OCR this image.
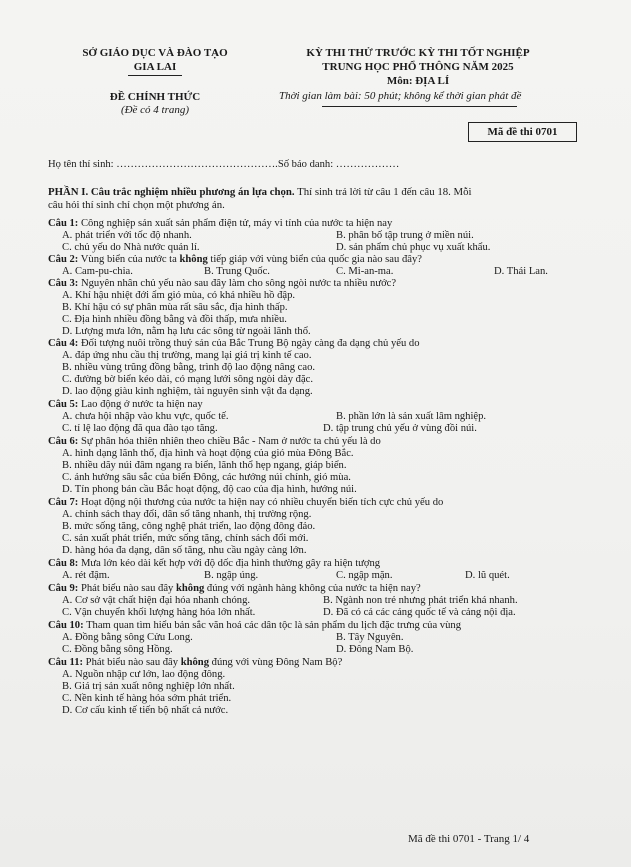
SỞ GIÁO DỤC VÀ ĐÀO TẠO
GIA LAI
ĐỀ CHÍNH THỨC
(Đề có 4 trang)
KỲ THI THỬ TRƯỚC KỲ THI TỐT NGHIỆP
TRUNG HỌC PHỔ THÔNG NĂM 2025
Môn: ĐỊA LÍ
Thời gian làm bài: 50 phút; không kể thời gian phát đề
Mã đề thi 0701
Họ tên thí sinh: ……………………………………….Số báo danh: ………………
PHẦN I. Câu trắc nghiệm nhiều phương án lựa chọn. Thí sinh trả lời từ câu 1 đến câu 18. Mỗi
câu hỏi thí sinh chỉ chọn một phương án.
Câu 1: Công nghiệp sản xuất sản phẩm điện tử, máy vi tính của nước ta hiện nay
A. phát triển với tốc độ nhanh.	B. phân bố tập trung ở miền núi.
C. chủ yếu do Nhà nước quản lí.	D. sản phẩm chủ phục vụ xuất khẩu.
Câu 2: Vùng biển của nước ta không tiếp giáp với vùng biển của quốc gia nào sau đây?
A. Cam-pu-chia.	B. Trung Quốc.	C. Mi-an-ma.	D. Thái Lan.
Câu 3: Nguyên nhân chủ yếu nào sau đây làm cho sông ngòi nước ta nhiều nước?
A. Khí hậu nhiệt đới ẩm gió mùa, có khá nhiều hồ đập.
B. Khí hậu có sự phân mùa rất sâu sắc, địa hình thấp.
C. Địa hình nhiều đồng bằng và đồi thấp, mưa nhiều.
D. Lượng mưa lớn, nằm hạ lưu các sông từ ngoài lãnh thổ.
Câu 4: Đối tượng nuôi trồng thuỷ sản của Bắc Trung Bộ ngày càng đa dạng chủ yếu do
A. đáp ứng nhu cầu thị trường, mang lại giá trị kinh tế cao.
B. nhiều vùng trũng đồng bằng, trình độ lao động nâng cao.
C. đường bờ biển kéo dài, có mạng lưới sông ngòi dày đặc.
D. lao động giàu kinh nghiệm, tài nguyên sinh vật đa dạng.
Câu 5: Lao động ở nước ta hiện nay
A. chưa hội nhập vào khu vực, quốc tế.	B. phần lớn là sản xuất lâm nghiệp.
C. tỉ lệ lao động đã qua đào tạo tăng.	D. tập trung chủ yếu ở vùng đồi núi.
Câu 6: Sự phân hóa thiên nhiên theo chiều Bắc - Nam ở nước ta chủ yếu là do
A. hình dạng lãnh thổ, địa hình và hoạt động của gió mùa Đông Bắc.
B. nhiều dãy núi đâm ngang ra biển, lãnh thổ hẹp ngang, giáp biển.
C. ảnh hưởng sâu sắc của biển Đông, các hướng núi chính, gió mùa.
D. Tín phong bán cầu Bắc hoạt động, độ cao của địa hình, hướng núi.
Câu 7: Hoạt động nội thương của nước ta hiện nay có nhiều chuyển biến tích cực chủ yếu do
A. chính sách thay đổi, dân số tăng nhanh, thị trường rộng.
B. mức sống tăng, công nghệ phát triển, lao động đông đảo.
C. sản xuất phát triển, mức sống tăng, chính sách đổi mới.
D. hàng hóa đa dạng, dân số tăng, nhu cầu ngày càng lớn.
Câu 8: Mưa lớn kéo dài kết hợp với độ dốc địa hình thường gây ra hiện tượng
A. rét đậm.	B. ngập úng.	C. ngập mặn.	D. lũ quét.
Câu 9: Phát biểu nào sau đây không đúng với ngành hàng không của nước ta hiện nay?
A. Cơ sở vật chất hiện đại hóa nhanh chóng.	B. Ngành non trẻ nhưng phát triển khá nhanh.
C. Vận chuyển khối lượng hàng hóa lớn nhất.	D. Đã có cả các cảng quốc tế và cảng nội địa.
Câu 10: Tham quan tìm hiểu bản sắc văn hoá các dân tộc là sản phẩm du lịch đặc trưng của vùng
A. Đồng bằng sông Cửu Long.	B. Tây Nguyên.
C. Đồng bằng sông Hồng.	D. Đông Nam Bộ.
Câu 11: Phát biểu nào sau đây không đúng với vùng Đông Nam Bộ?
A. Nguồn nhập cư lớn, lao động đông.
B. Giá trị sản xuất nông nghiệp lớn nhất.
C. Nền kinh tế hàng hóa sớm phát triển.
D. Cơ cấu kinh tế tiến bộ nhất cả nước.
Mã đề thi 0701 - Trang 1/ 4
